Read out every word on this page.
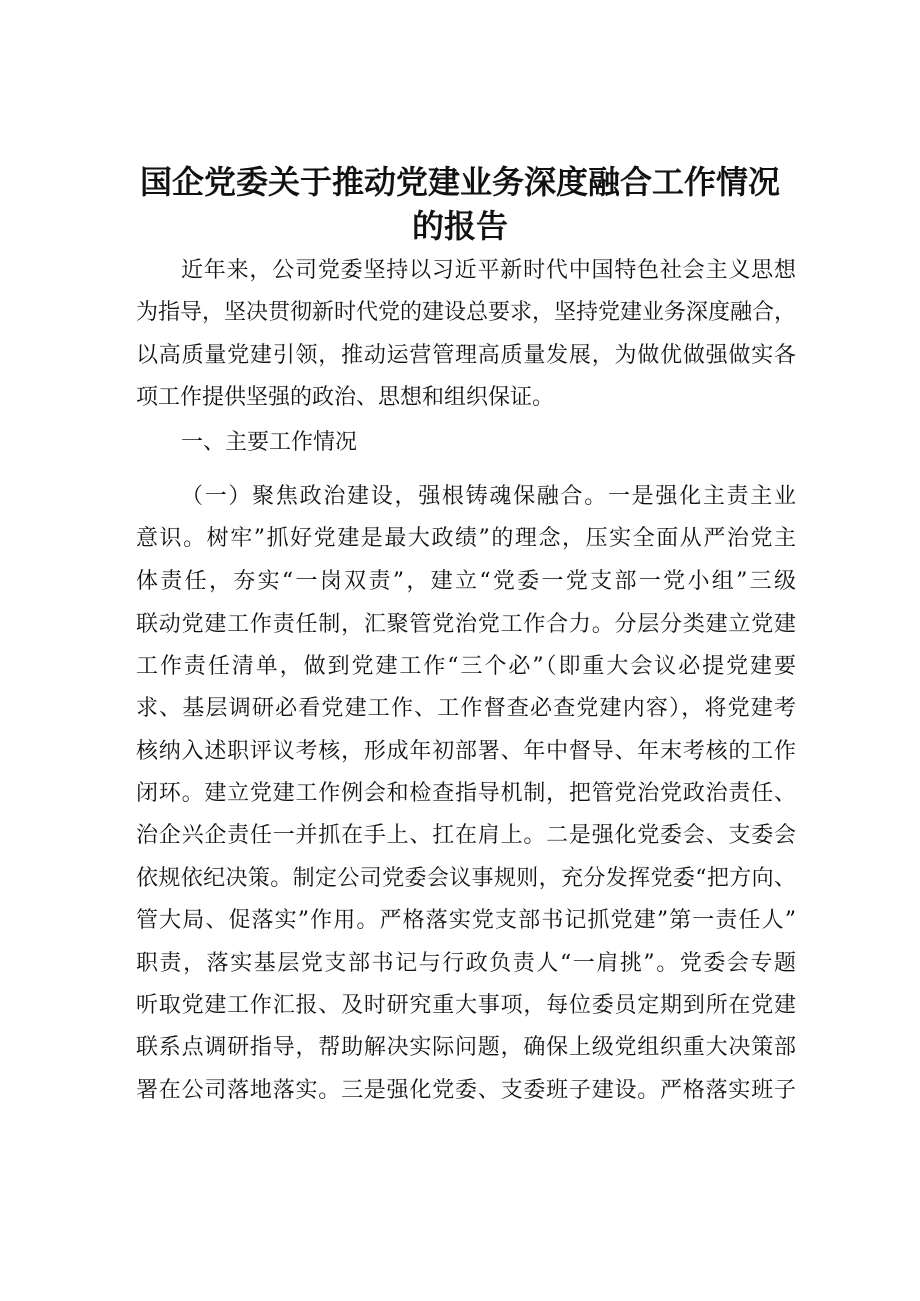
国企党委关于推动党建业务深度融合工作情况
的报告
近年来，公司党委坚持以习近平新时代中国特色社会主义思想
为指导，坚决贯彻新时代党的建设总要求，坚持党建业务深度融合，
以高质量党建引领，推动运营管理高质量发展，为做优做强做实各
项工作提供坚强的政治、思想和组织保证。
一、主要工作情况
（一）聚焦政治建设，强根铸魂保融合。一是强化主责主业
意识。树牢”抓好党建是最大政绩”的理念，压实全面从严治党主
体责任，夯实“一岗双责”，建立“党委一党支部一党小组”三级
联动党建工作责任制，汇聚管党治党工作合力。分层分类建立党建
工作责任清单，做到党建工作“三个必”（即重大会议必提党建要
求、基层调研必看党建工作、工作督查必查党建内容），将党建考
核纳入述职评议考核，形成年初部署、年中督导、年末考核的工作
闭环。建立党建工作例会和检查指导机制，把管党治党政治责任、
治企兴企责任一并抓在手上、扛在肩上。二是强化党委会、支委会
依规依纪决策。制定公司党委会议事规则，充分发挥党委“把方向、
管大局、促落实”作用。严格落实党支部书记抓党建”第一责任人”
职责，落实基层党支部书记与行政负责人“一肩挑”。党委会专题
听取党建工作汇报、及时研究重大事项，每位委员定期到所在党建
联系点调研指导，帮助解决实际问题，确保上级党组织重大决策部
署在公司落地落实。三是强化党委、支委班子建设。严格落实班子
